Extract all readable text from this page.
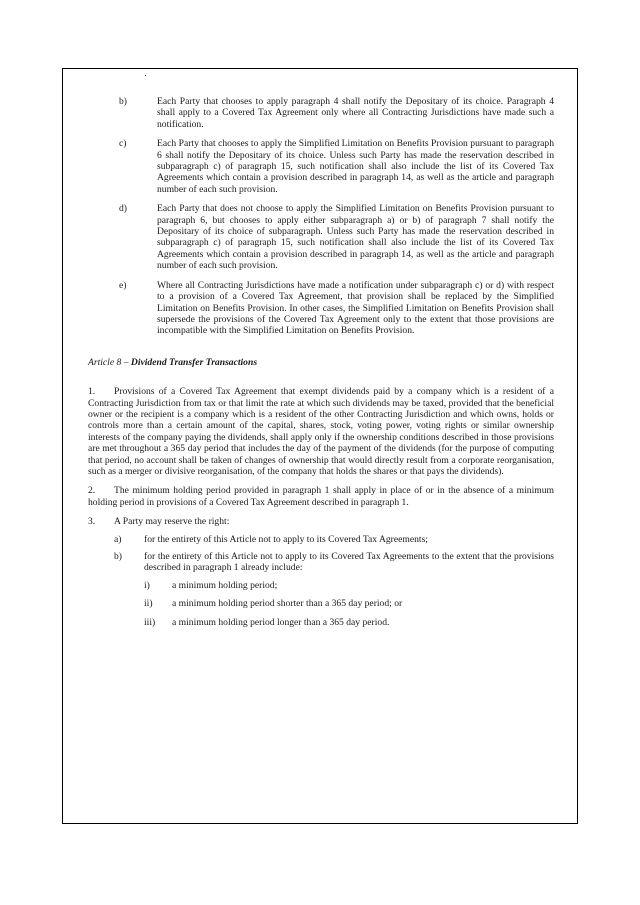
b)	Each Party that chooses to apply paragraph 4 shall notify the Depositary of its choice. Paragraph 4 shall apply to a Covered Tax Agreement only where all Contracting Jurisdictions have made such a notification.
c)	Each Party that chooses to apply the Simplified Limitation on Benefits Provision pursuant to paragraph 6 shall notify the Depositary of its choice. Unless such Party has made the reservation described in subparagraph c) of paragraph 15, such notification shall also include the list of its Covered Tax Agreements which contain a provision described in paragraph 14, as well as the article and paragraph number of each such provision.
d)	Each Party that does not choose to apply the Simplified Limitation on Benefits Provision pursuant to paragraph 6, but chooses to apply either subparagraph a) or b) of paragraph 7 shall notify the Depositary of its choice of subparagraph. Unless such Party has made the reservation described in subparagraph c) of paragraph 15, such notification shall also include the list of its Covered Tax Agreements which contain a provision described in paragraph 14, as well as the article and paragraph number of each such provision.
e)	Where all Contracting Jurisdictions have made a notification under subparagraph c) or d) with respect to a provision of a Covered Tax Agreement, that provision shall be replaced by the Simplified Limitation on Benefits Provision. In other cases, the Simplified Limitation on Benefits Provision shall supersede the provisions of the Covered Tax Agreement only to the extent that those provisions are incompatible with the Simplified Limitation on Benefits Provision.
Article 8 – Dividend Transfer Transactions
1. Provisions of a Covered Tax Agreement that exempt dividends paid by a company which is a resident of a Contracting Jurisdiction from tax or that limit the rate at which such dividends may be taxed, provided that the beneficial owner or the recipient is a company which is a resident of the other Contracting Jurisdiction and which owns, holds or controls more than a certain amount of the capital, shares, stock, voting power, voting rights or similar ownership interests of the company paying the dividends, shall apply only if the ownership conditions described in those provisions are met throughout a 365 day period that includes the day of the payment of the dividends (for the purpose of computing that period, no account shall be taken of changes of ownership that would directly result from a corporate reorganisation, such as a merger or divisive reorganisation, of the company that holds the shares or that pays the dividends).
2. The minimum holding period provided in paragraph 1 shall apply in place of or in the absence of a minimum holding period in provisions of a Covered Tax Agreement described in paragraph 1.
3.	A Party may reserve the right:
a)	for the entirety of this Article not to apply to its Covered Tax Agreements;
b)	for the entirety of this Article not to apply to its Covered Tax Agreements to the extent that the provisions described in paragraph 1 already include:
i)	a minimum holding period;
ii)	a minimum holding period shorter than a 365 day period; or
iii)	a minimum holding period longer than a 365 day period.
